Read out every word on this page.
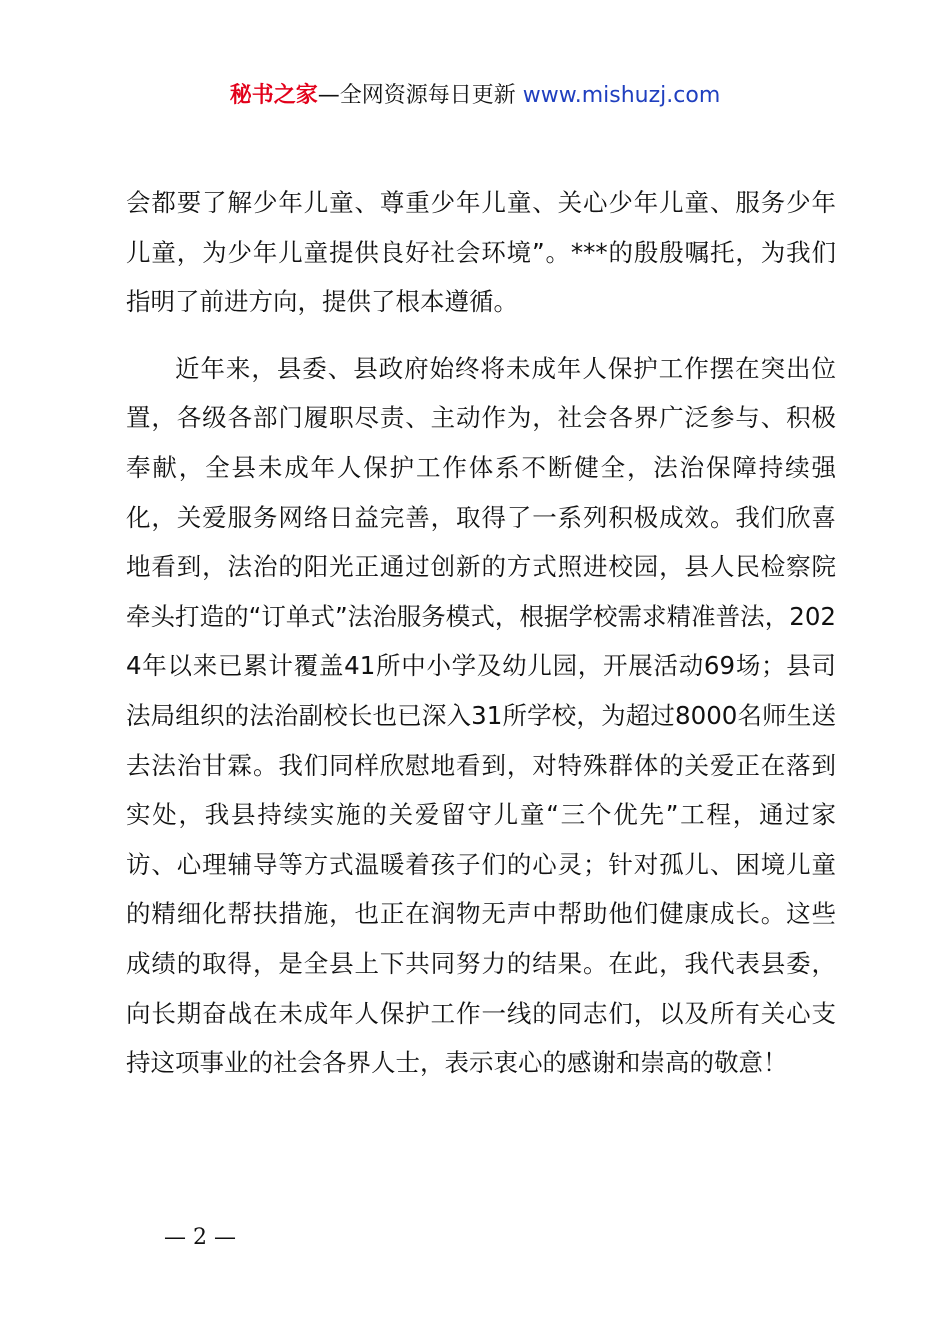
秘书之家—全网资源每日更新 www.mishuzj.com

会都要了解少年儿童、尊重少年儿童、关心少年儿童、服务少年儿童，为少年儿童提供良好社会环境”。***的殷殷嘱托，为我们指明了前进方向，提供了根本遵循。

近年来，县委、县政府始终将未成年人保护工作摆在突出位置，各级各部门履职尽责、主动作为，社会各界广泛参与、积极奉献，全县未成年人保护工作体系不断健全，法治保障持续强化，关爱服务网络日益完善，取得了一系列积极成效。我们欣喜地看到，法治的阳光正通过创新的方式照进校园，县人民检察院牵头打造的“订单式”法治服务模式，根据学校需求精准普法，2024年以来已累计覆盖41所中小学及幼儿园，开展活动69场；县司法局组织的法治副校长也已深入31所学校，为超过8000名师生送去法治甘霖。我们同样欣慰地看到，对特殊群体的关爱正在落到实处，我县持续实施的关爱留守儿童“三个优先”工程，通过家访、心理辅导等方式温暖着孩子们的心灵；针对孤儿、困境儿童的精细化帮扶措施，也正在润物无声中帮助他们健康成长。这些成绩的取得，是全县上下共同努力的结果。在此，我代表县委，向长期奋战在未成年人保护工作一线的同志们，以及所有关心支持这项事业的社会各界人士，表示衷心的感谢和崇高的敬意！

— 2 —
